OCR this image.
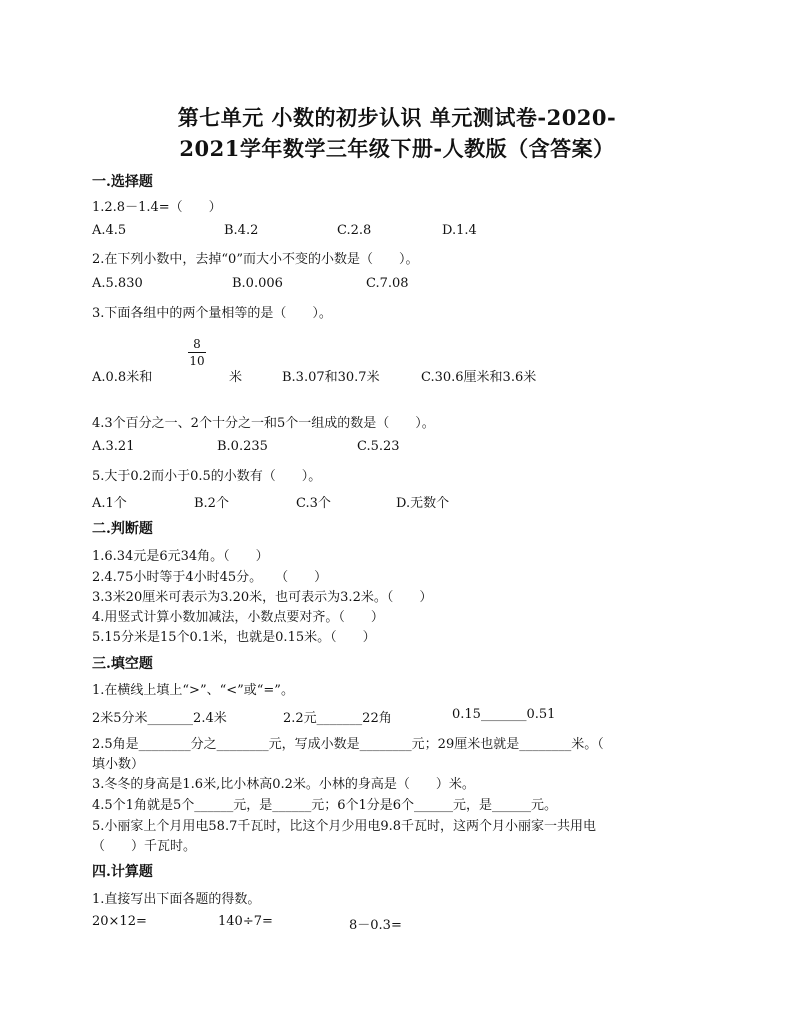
第七单元 小数的初步认识 单元测试卷-2020-
2021学年数学三年级下册-人教版（含答案）
一.选择题
1.2.8－1.4=（　　）
A.4.5	B.4.2	C.2.8	D.1.4
2.在下列小数中，去掉“0”而大小不变的小数是（　　）。
A.5.830	B.0.006	C.7.08
3.下面各组中的两个量相等的是（　　）。
A.0.8米和
8
10
米	B.3.07和30.7米	C.30.6厘米和3.6米
4.3个百分之一、2个十分之一和5个一组成的数是（　　）。
A.3.21	B.0.235	C.5.23
5.大于0.2而小于0.5的小数有（　　）。
A.1个	B.2个	C.3个	D.无数个
二.判断题
1.6.34元是6元34角。（　　）
2.4.75小时等于4小时45分。　　（　　）
3.3米20厘米可表示为3.20米，也可表示为3.2米。（　　）
4.用竖式计算小数加减法，小数点要对齐。（　　）
5.15分米是15个0.1米，也就是0.15米。（　　）
三.填空题
1.在横线上填上“>”、“<”或“=”。
2米5分米_______2.4米	2.2元_______22角	0.15_______0.51
2.5角是________分之________元，写成小数是________元；29厘米也就是________米。（
填小数）
3.冬冬的身高是1.6米,比小林高0.2米。小林的身高是（　　）米。
4.5个1角就是5个______元，是______元；6个1分是6个______元，是______元。
5.小丽家上个月用电58.7千瓦时，比这个月少用电9.8千瓦时，这两个月小丽家一共用电
（　　）千瓦时。
四.计算题
1.直接写出下面各题的得数。
20×12=	140÷7=	8－0.3=
